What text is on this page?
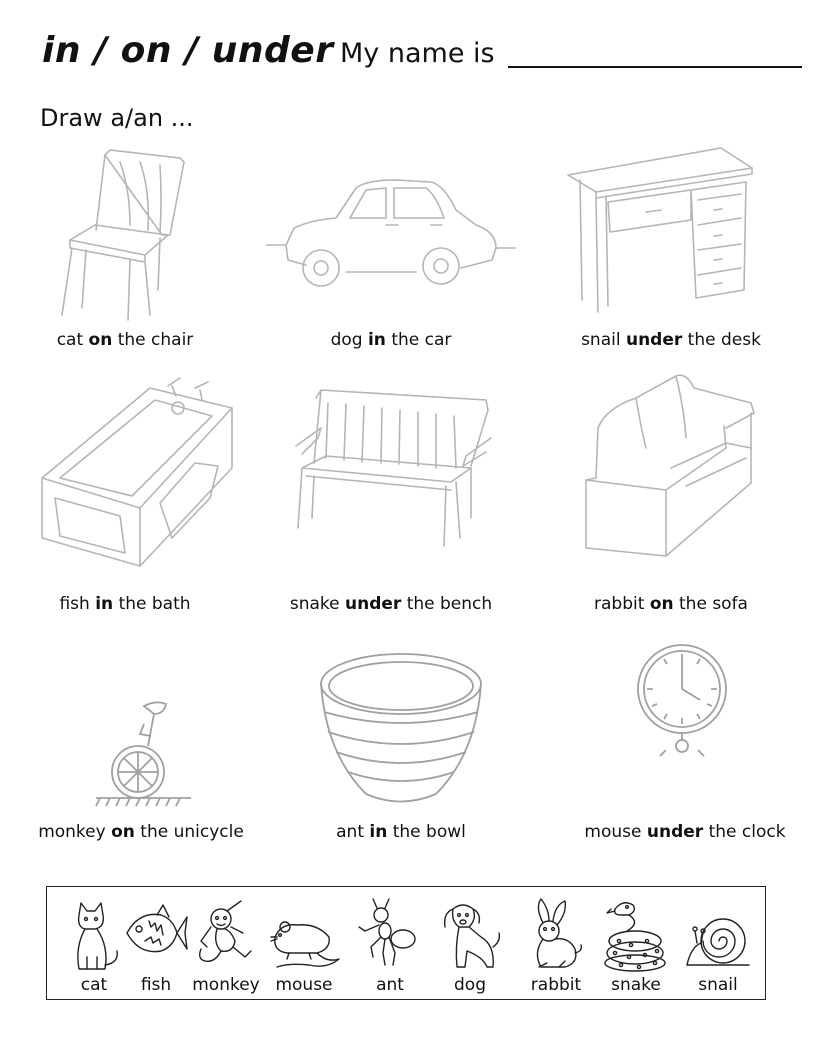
in / on / under My name is
Draw a/an ...
cat on the chair	dog in the car	snail under the desk
fish in the bath	snake under the bench	rabbit on the sofa
monkey on the unicycle	ant in the bowl	mouse under the clock
cat	fish	monkey mouse	ant	dog	rabbit	snake	snail
